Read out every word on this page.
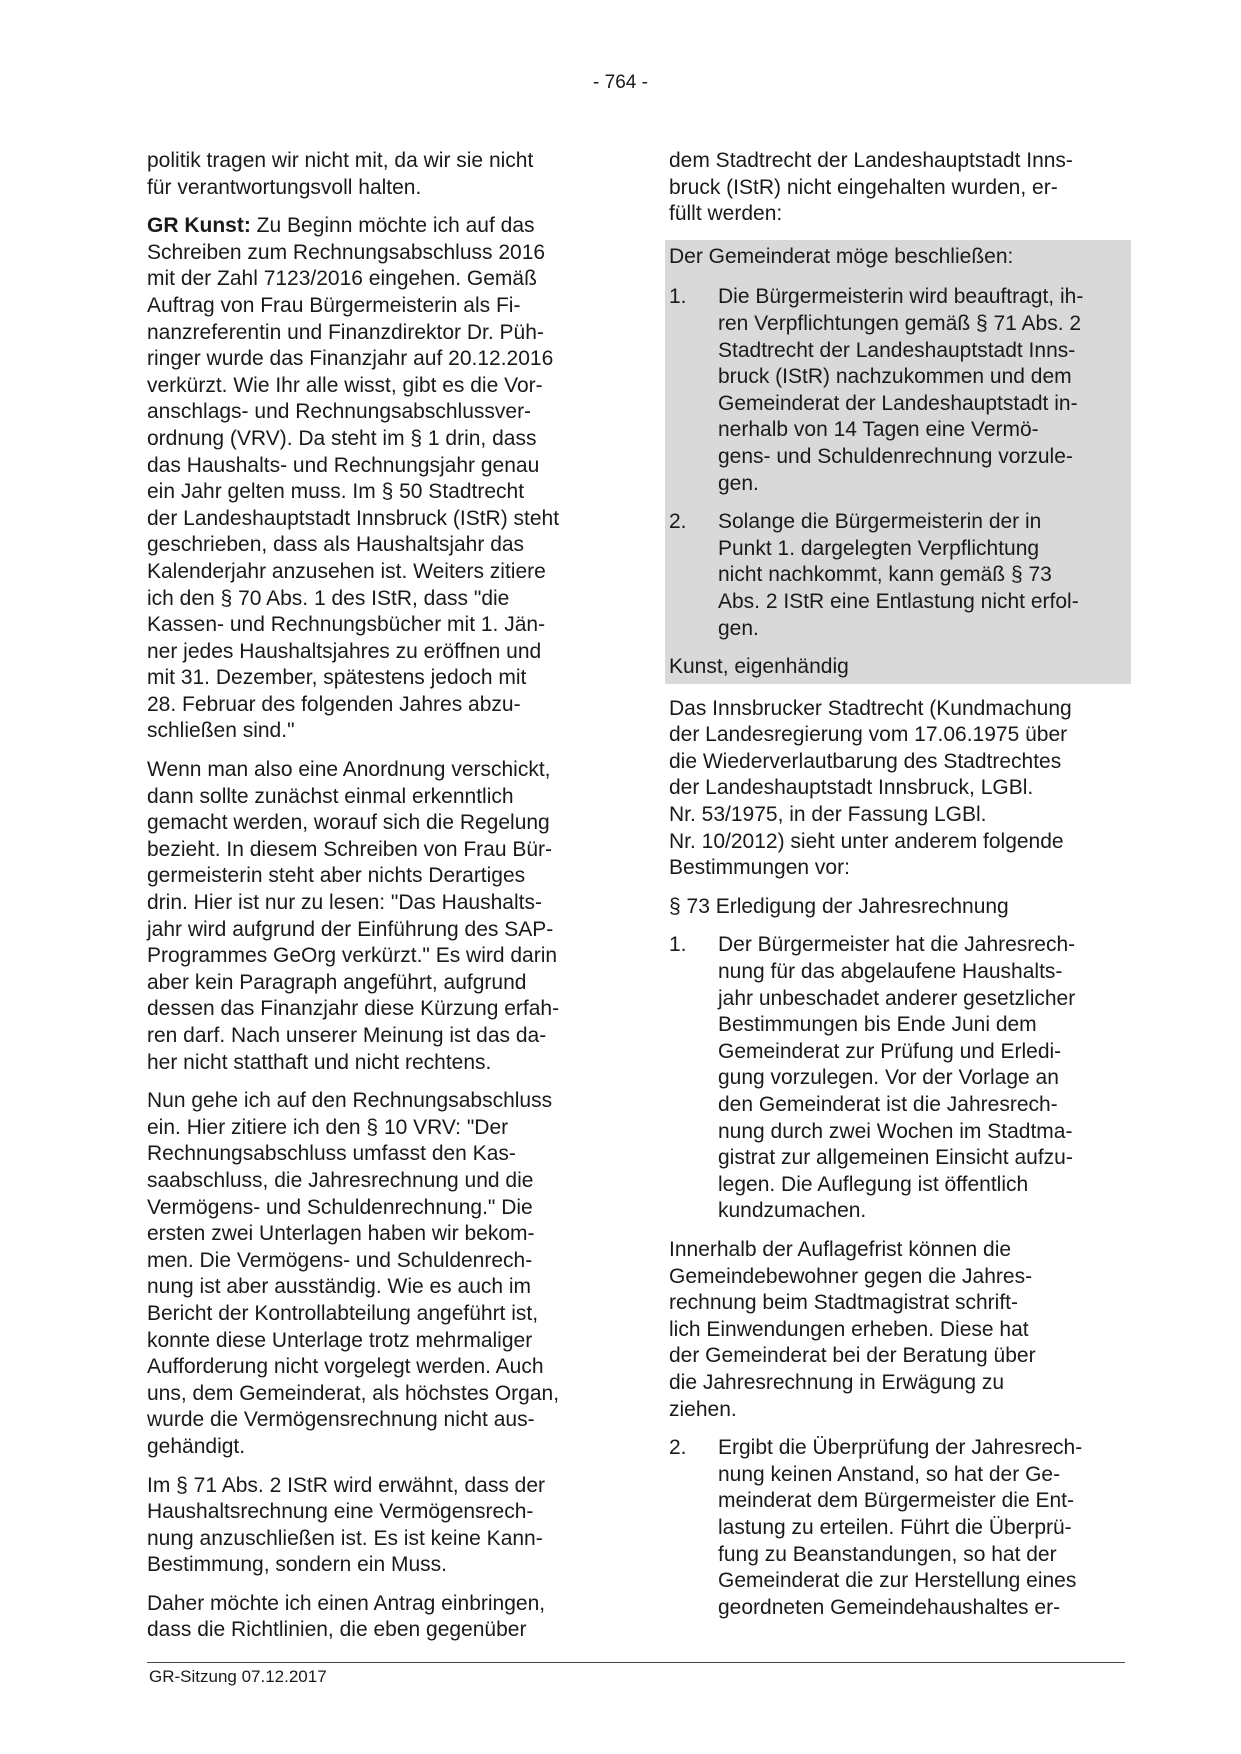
- 764 -

politik tragen wir nicht mit, da wir sie nicht
für verantwortungsvoll halten.

GR Kunst: Zu Beginn möchte ich auf das
Schreiben zum Rechnungsabschluss 2016
mit der Zahl 7123/2016 eingehen. Gemäß
Auftrag von Frau Bürgermeisterin als Fi-
nanzreferentin und Finanzdirektor Dr. Püh-
ringer wurde das Finanzjahr auf 20.12.2016
verkürzt. Wie Ihr alle wisst, gibt es die Vor-
anschlags- und Rechnungsabschlussver-
ordnung (VRV). Da steht im § 1 drin, dass
das Haushalts- und Rechnungsjahr genau
ein Jahr gelten muss. Im § 50 Stadtrecht
der Landeshauptstadt Innsbruck (IStR) steht
geschrieben, dass als Haushaltsjahr das
Kalenderjahr anzusehen ist. Weiters zitiere
ich den § 70 Abs. 1 des IStR, dass "die
Kassen- und Rechnungsbücher mit 1. Jän-
ner jedes Haushaltsjahres zu eröffnen und
mit 31. Dezember, spätestens jedoch mit
28. Februar des folgenden Jahres abzu-
schließen sind."

Wenn man also eine Anordnung verschickt,
dann sollte zunächst einmal erkenntlich
gemacht werden, worauf sich die Regelung
bezieht. In diesem Schreiben von Frau Bür-
germeisterin steht aber nichts Derartiges
drin. Hier ist nur zu lesen: "Das Haushalts-
jahr wird aufgrund der Einführung des SAP-
Programmes GeOrg verkürzt." Es wird darin
aber kein Paragraph angeführt, aufgrund
dessen das Finanzjahr diese Kürzung erfah-
ren darf. Nach unserer Meinung ist das da-
her nicht statthaft und nicht rechtens.

Nun gehe ich auf den Rechnungsabschluss
ein. Hier zitiere ich den § 10 VRV: "Der
Rechnungsabschluss umfasst den Kas-
saabschluss, die Jahresrechnung und die
Vermögens- und Schuldenrechnung." Die
ersten zwei Unterlagen haben wir bekom-
men. Die Vermögens- und Schuldenrech-
nung ist aber ausständig. Wie es auch im
Bericht der Kontrollabteilung angeführt ist,
konnte diese Unterlage trotz mehrmaliger
Aufforderung nicht vorgelegt werden. Auch
uns, dem Gemeinderat, als höchstes Organ,
wurde die Vermögensrechnung nicht aus-
gehändigt.

Im § 71 Abs. 2 IStR wird erwähnt, dass der
Haushaltsrechnung eine Vermögensrech-
nung anzuschließen ist. Es ist keine Kann-
Bestimmung, sondern ein Muss.

Daher möchte ich einen Antrag einbringen,
dass die Richtlinien, die eben gegenüber

dem Stadtrecht der Landeshauptstadt Inns-
bruck (IStR) nicht eingehalten wurden, er-
füllt werden:

Der Gemeinderat möge beschließen:

1.	Die Bürgermeisterin wird beauftragt, ih-
ren Verpflichtungen gemäß § 71 Abs. 2
Stadtrecht der Landeshauptstadt Inns-
bruck (IStR) nachzukommen und dem
Gemeinderat der Landeshauptstadt in-
nerhalb von 14 Tagen eine Vermö-
gens- und Schuldenrechnung vorzule-
gen.
2.	Solange die Bürgermeisterin der in
Punkt 1. dargelegten Verpflichtung
nicht nachkommt, kann gemäß § 73
Abs. 2 IStR eine Entlastung nicht erfol-
gen.

Kunst, eigenhändig

Das Innsbrucker Stadtrecht (Kundmachung
der Landesregierung vom 17.06.1975 über
die Wiederverlautbarung des Stadtrechtes
der Landeshauptstadt Innsbruck, LGBl.
Nr. 53/1975, in der Fassung LGBl.
Nr. 10/2012) sieht unter anderem folgende
Bestimmungen vor:

§ 73 Erledigung der Jahresrechnung

1.	Der Bürgermeister hat die Jahresrech-
nung für das abgelaufene Haushalts-
jahr unbeschadet anderer gesetzlicher
Bestimmungen bis Ende Juni dem
Gemeinderat zur Prüfung und Erledi-
gung vorzulegen. Vor der Vorlage an
den Gemeinderat ist die Jahresrech-
nung durch zwei Wochen im Stadtma-
gistrat zur allgemeinen Einsicht aufzu-
legen. Die Auflegung ist öffentlich
kundzumachen.

Innerhalb der Auflagefrist können die
Gemeindebewohner gegen die Jahres-
rechnung beim Stadtmagistrat schrift-
lich Einwendungen erheben. Diese hat
der Gemeinderat bei der Beratung über
die Jahresrechnung in Erwägung zu
ziehen.

2.	Ergibt die Überprüfung der Jahresrech-
nung keinen Anstand, so hat der Ge-
meinderat dem Bürgermeister die Ent-
lastung zu erteilen. Führt die Überprü-
fung zu Beanstandungen, so hat der
Gemeinderat die zur Herstellung eines
geordneten Gemeindehaushaltes er-
GR-Sitzung 07.12.2017
